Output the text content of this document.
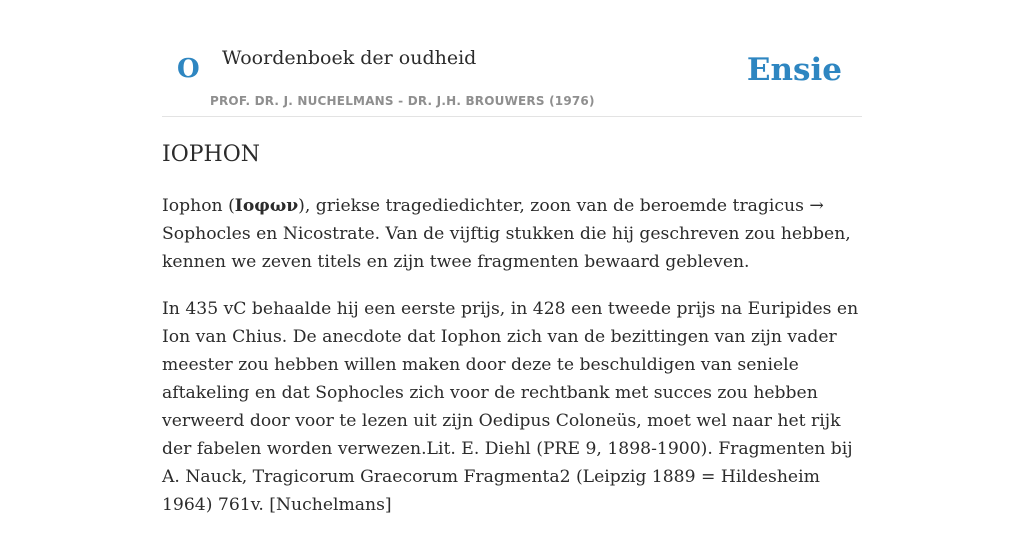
O Woordenboek der oudheid	Ensie
PROF. DR. J. NUCHELMANS - DR. J.H. BROUWERS (1976)
IOPHON

Iophon (Ιοφων), griekse tragediedichter, zoon van de beroemde tragicus → Sophocles en Nicostrate. Van de vijftig stukken die hij geschreven zou hebben, kennen we zeven titels en zijn twee fragmenten bewaard gebleven.

In 435 vC behaalde hij een eerste prijs, in 428 een tweede prijs na Euripides en Ion van Chius. De anecdote dat Iophon zich van de bezittingen van zijn vader meester zou hebben willen maken door deze te beschuldigen van seniele aftakeling en dat Sophocles zich voor de rechtbank met succes zou hebben verweerd door voor te lezen uit zijn Oedipus Coloneüs, moet wel naar het rijk der fabelen worden verwezen.Lit. E. Diehl (PRE 9, 1898-1900). Fragmenten bij A. Nauck, Tragicorum Graecorum Fragmenta2 (Leipzig 1889 = Hildesheim 1964) 761v. [Nuchelmans]
